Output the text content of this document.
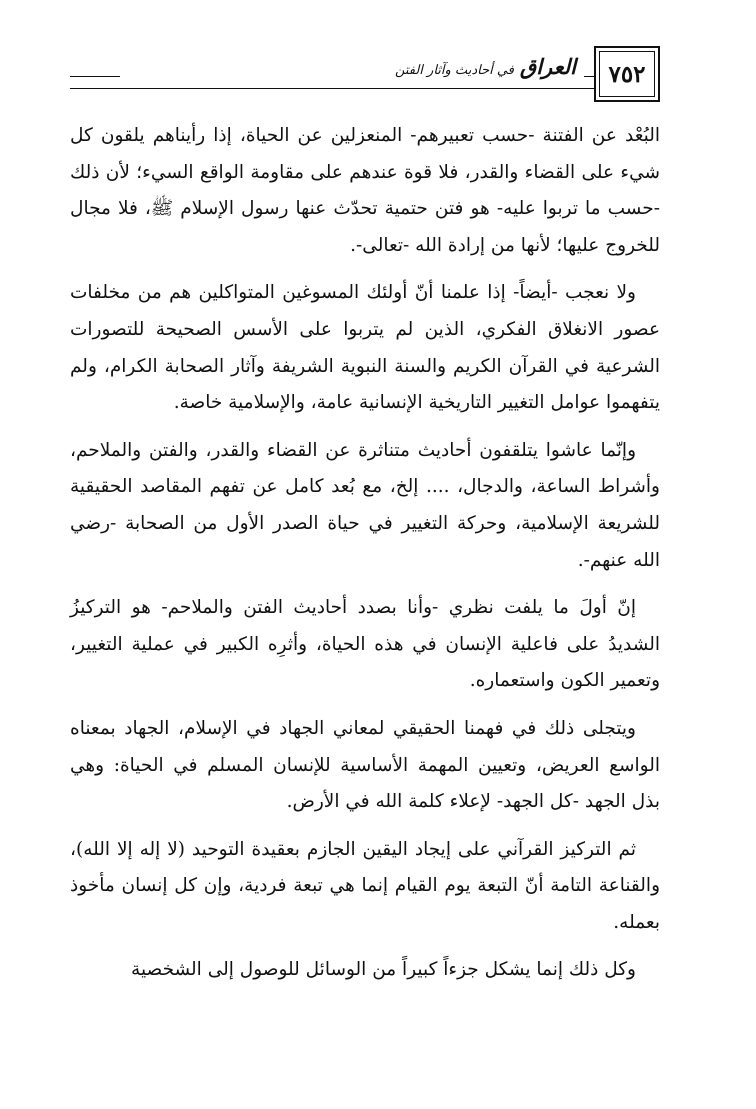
٧٥٢
العراق
في أحاديث وآثار الفتن

البُعْد عن الفتنة -حسب تعبيرهم- المنعزلين عن الحياة، إذا رأيناهم يلقون كل شيء على القضاء والقدر، فلا قوة عندهم على مقاومة الواقع السيء؛ لأن ذلك -حسب ما تربوا عليه- هو فتن حتمية تحدّث عنها رسول الإسلام ﷺ، فلا مجال للخروج عليها؛ لأنها من إرادة الله -تعالى-.

ولا نعجب -أيضاً- إذا علمنا أنّ أولئك المسوغين المتواكلين هم من مخلفات عصور الانغلاق الفكري، الذين لم يتربوا على الأسس الصحيحة للتصورات الشرعية في القرآن الكريم والسنة النبوية الشريفة وآثار الصحابة الكرام، ولم يتفهموا عوامل التغيير التاريخية الإنسانية عامة، والإسلامية خاصة.

وإنّما عاشوا يتلقفون أحاديث متناثرة عن القضاء والقدر، والفتن والملاحم، وأشراط الساعة، والدجال، .... إلخ، مع بُعد كامل عن تفهم المقاصد الحقيقية للشريعة الإسلامية، وحركة التغيير في حياة الصدر الأول من الصحابة -رضي الله عنهم-.

إنّ أولَ ما يلفت نظري -وأنا بصدد أحاديث الفتن والملاحم- هو التركيزُ الشديدُ على فاعلية الإنسان في هذه الحياة، وأثرِه الكبير في عملية التغيير، وتعمير الكون واستعماره.

ويتجلى ذلك في فهمنا الحقيقي لمعاني الجهاد في الإسلام، الجهاد بمعناه الواسع العريض، وتعيين المهمة الأساسية للإنسان المسلم في الحياة: وهي بذل الجهد -كل الجهد- لإعلاء كلمة الله في الأرض.

ثم التركيز القرآني على إيجاد اليقين الجازم بعقيدة التوحيد (لا إله إلا الله)، والقناعة التامة أنّ التبعة يوم القيام إنما هي تبعة فردية، وإن كل إنسان مأخوذ بعمله.

وكل ذلك إنما يشكل جزءاً كبيراً من الوسائل للوصول إلى الشخصية
